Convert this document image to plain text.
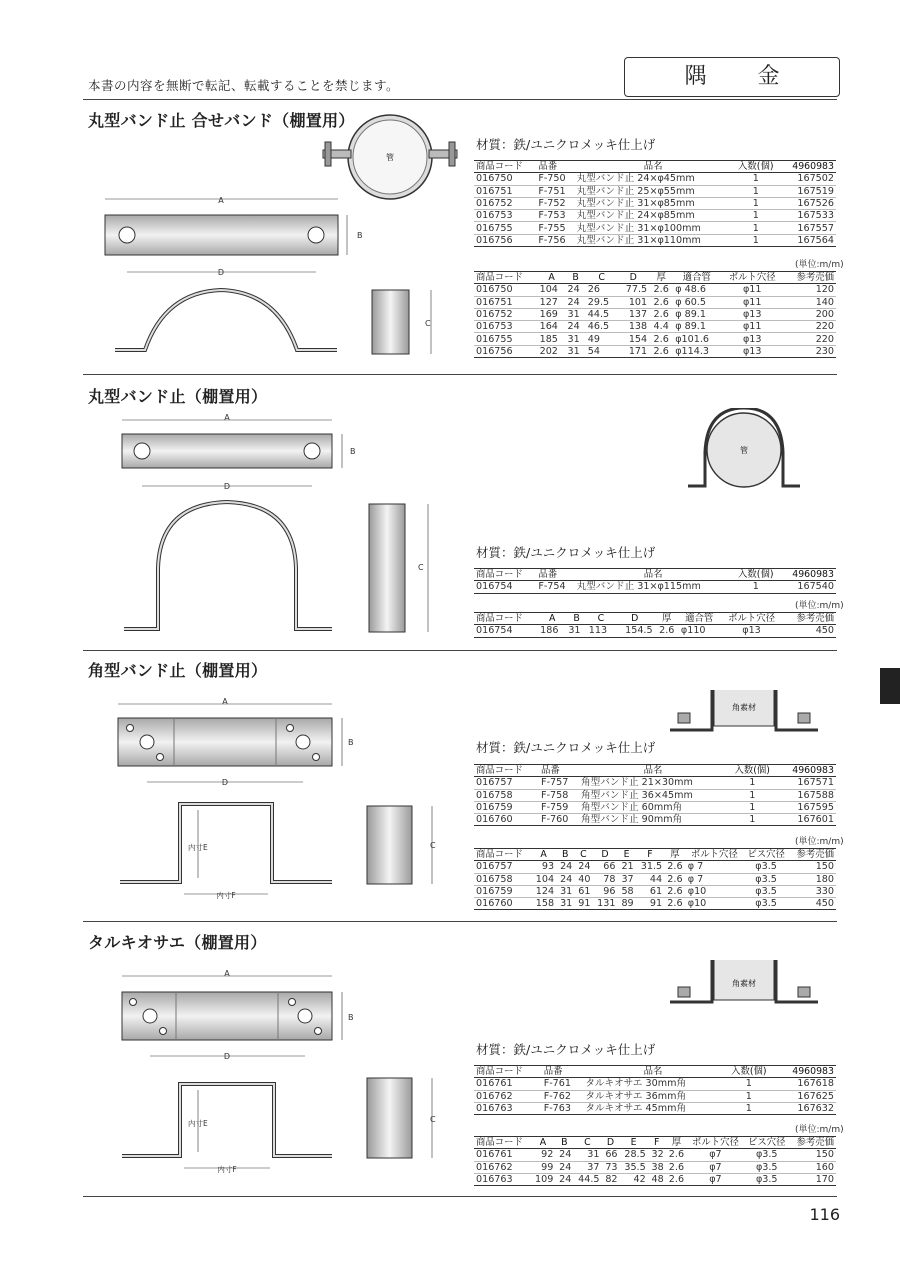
本書の内容を無断で転記、転載することを禁じます。	隅 金
丸型バンド止 合せバンド（棚置用）
管
A
B
D
C
材質：鉄/ユニクロメッキ仕上げ
商品コード	品番	品名	入数(個)	4960983
016750	F-750	丸型バンド止 24×φ45mm	1	167502
016751	F-751	丸型バンド止 25×φ55mm	1	167519
016752	F-752	丸型バンド止 31×φ85mm	1	167526
016753	F-753	丸型バンド止 24×φ85mm	1	167533
016755	F-755	丸型バンド止 31×φ100mm	1	167557
016756	F-756	丸型バンド止 31×φ110mm	1	167564
(単位:m/m)
商品コード	A	B	C	D	厚	適合管	ボルト穴径	参考売価
016750	104	24	26	77.5	2.6	φ 48.6	φ11	120
016751	127	24	29.5	101	2.6	φ 60.5	φ11	140
016752	169	31	44.5	137	2.6	φ 89.1	φ13	200
016753	164	24	46.5	138	4.4	φ 89.1	φ11	220
016755	185	31	49	154	2.6	φ101.6	φ13	220
016756	202	31	54	171	2.6	φ114.3	φ13	230
丸型バンド止（棚置用）
A
B
D
C
管
材質：鉄/ユニクロメッキ仕上げ
商品コード	品番	品名	入数(個)	4960983
016754	F-754	丸型バンド止 31×φ115mm	1	167540
(単位:m/m)
商品コード	A	B	C	D	厚	適合管	ボルト穴径	参考売価
016754	186	31	113	154.5	2.6	φ110	φ13	450
角型バンド止（棚置用）
A
B
D
内寸E
内寸F
C
角素材
材質：鉄/ユニクロメッキ仕上げ
商品コード	品番	品名	入数(個)	4960983
016757	F-757	角型バンド止 21×30mm	1	167571
016758	F-758	角型バンド止 36×45mm	1	167588
016759	F-759	角型バンド止 60mm角	1	167595
016760	F-760	角型バンド止 90mm角	1	167601
(単位:m/m)
商品コード	A	B	C	D	E	F	厚	ボルト穴径	ビス穴径	参考売価
016757	93	24	24	66	21	31.5	2.6	φ 7	φ3.5	150
016758	104	24	40	78	37	44	2.6	φ 7	φ3.5	180
016759	124	31	61	96	58	61	2.6	φ10	φ3.5	330
016760	158	31	91	131	89	91	2.6	φ10	φ3.5	450
タルキオサエ（棚置用）
A
B
D
内寸E
内寸F
C
角素材
材質：鉄/ユニクロメッキ仕上げ
商品コード	品番	品名	入数(個)	4960983
016761	F-761	タルキオサエ 30mm角	1	167618
016762	F-762	タルキオサエ 36mm角	1	167625
016763	F-763	タルキオサエ 45mm角	1	167632
(単位:m/m)
商品コード	A	B	C	D	E	F	厚	ボルト穴径	ビス穴径	参考売価
016761	92	24	31	66	28.5	32	2.6	φ7	φ3.5	150
016762	99	24	37	73	35.5	38	2.6	φ7	φ3.5	160
016763	109	24	44.5	82	42	48	2.6	φ7	φ3.5	170
116
